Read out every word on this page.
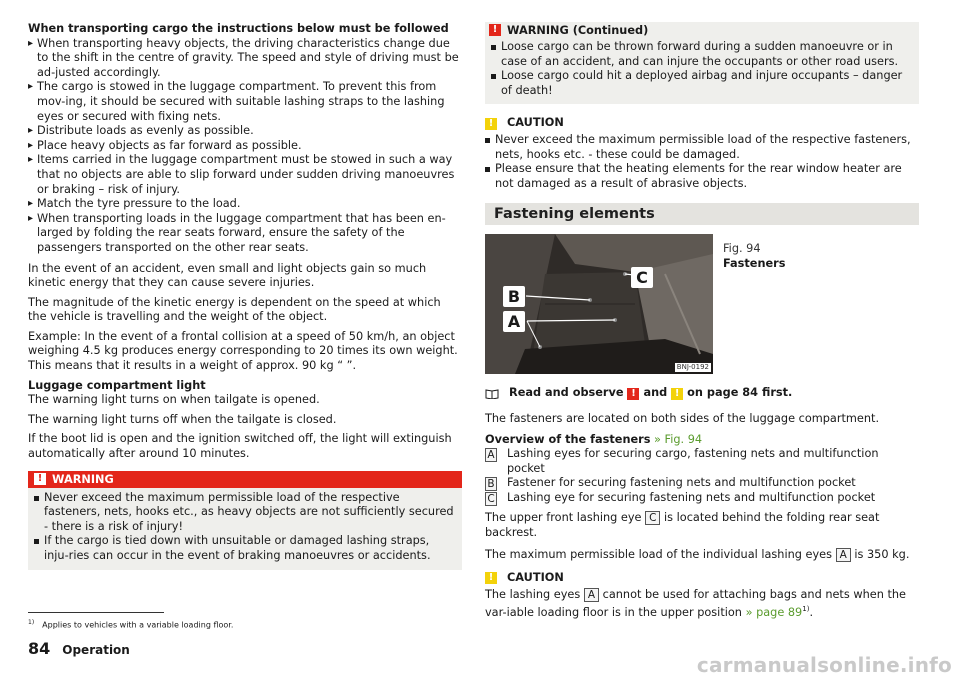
When transporting cargo the instructions below must be followed

▸ When transporting heavy objects, the driving characteristics change due to the shift in the centre of gravity. The speed and style of driving must be ad-justed accordingly.
▸ The cargo is stowed in the luggage compartment. To prevent this from mov-ing, it should be secured with suitable lashing straps to the lashing eyes or secured with fixing nets.
▸ Distribute loads as evenly as possible.
▸ Place heavy objects as far forward as possible.
▸ Items carried in the luggage compartment must be stowed in such a way that no objects are able to slip forward under sudden driving manoeuvres or braking – risk of injury.
▸ Match the tyre pressure to the load.
▸ When transporting loads in the luggage compartment that has been en-larged by folding the rear seats forward, ensure the safety of the passengers transported on the other rear seats.

In the event of an accident, even small and light objects gain so much kinetic energy that they can cause severe injuries.

The magnitude of the kinetic energy is dependent on the speed at which the vehicle is travelling and the weight of the object.

Example: In the event of a frontal collision at a speed of 50 km/h, an object weighing 4.5 kg produces energy corresponding to 20 times its own weight. This means that it results in a weight of approx. 90 kg “ ”.

Luggage compartment light

The warning light turns on when tailgate is opened.

The warning light turns off when the tailgate is closed.

If the boot lid is open and the ignition switched off, the light will extinguish automatically after around 10 minutes.

! WARNING
Never exceed the maximum permissible load of the respective fasteners, nets, hooks etc., as heavy objects are not sufficiently secured - there is a risk of injury!
If the cargo is tied down with unsuitable or damaged lashing straps, inju-ries can occur in the event of braking manoeuvres or accidents.
! WARNING (Continued)
Loose cargo can be thrown forward during a sudden manoeuvre or in case of an accident, and can injure the occupants or other road users.
Loose cargo could hit a deployed airbag and injure occupants – danger of death!
!	CAUTION
Never exceed the maximum permissible load of the respective fasteners, nets, hooks etc. - these could be damaged.
Please ensure that the heating elements for the rear window heater are not damaged as a result of abrasive objects.
Fastening elements
C
B
A
BNJ-0192
Fig. 94
Fasteners
Read and observe
! and
! on page 84 first.

The fasteners are located on both sides of the luggage compartment.

Overview of the fasteners » Fig. 94

A Lashing eyes for securing cargo, fastening nets and multifunction pocket
B Fastener for securing fastening nets and multifunction pocket
C Lashing eye for securing fastening nets and multifunction pocket

The upper front lashing eye C is located behind the folding rear seat backrest.

The maximum permissible load of the individual lashing eyes A is 350 kg.

!	CAUTION

The lashing eyes A cannot be used for attaching bags and nets when the var-iable loading floor is in the upper position » page 89$^{1)}$.

$^{1)}$ Applies to vehicles with a variable loading floor.
84 Operation
carmanualsonline.info
